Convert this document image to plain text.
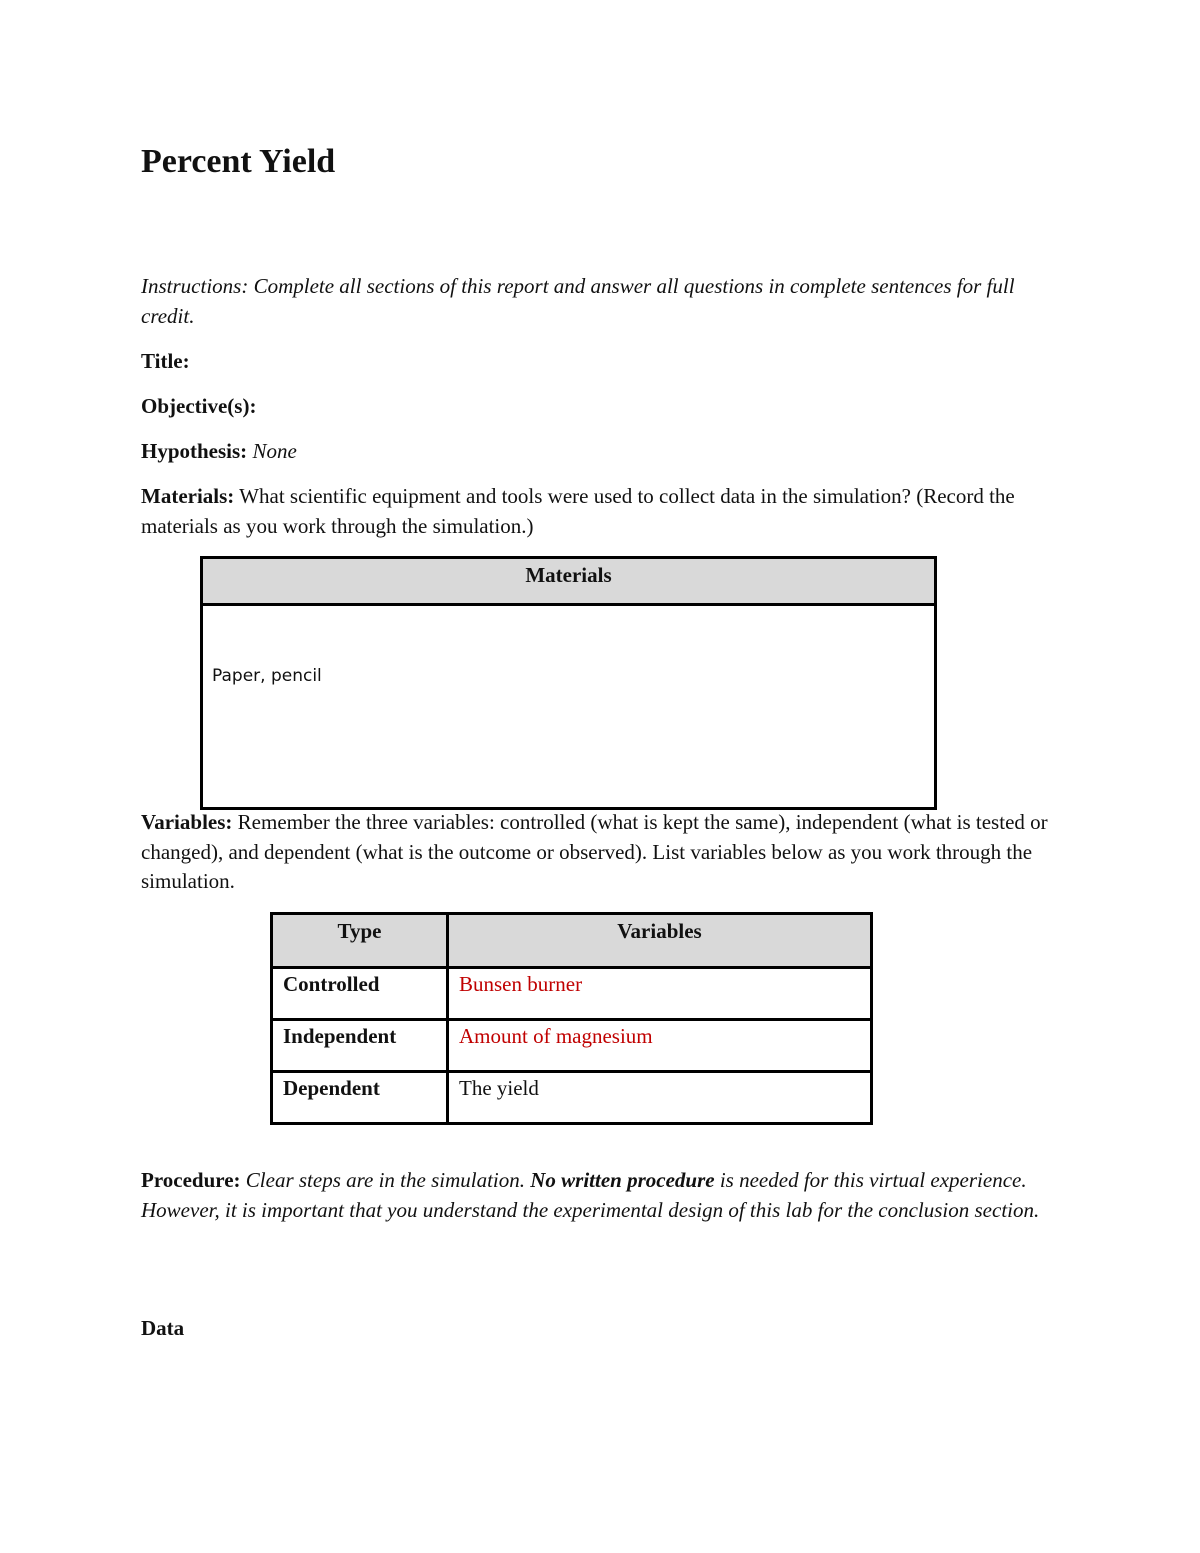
Percent Yield

Instructions: Complete all sections of this report and answer all questions in complete sentences for full credit.

Title:

Objective(s):

Hypothesis: None

Materials: What scientific equipment and tools were used to collect data in the simulation? (Record the materials as you work through the simulation.)

Materials
Paper, pencil

Variables: Remember the three variables: controlled (what is kept the same), independent (what is tested or changed), and dependent (what is the outcome or observed). List variables below as you work through the simulation.

Type	Variables
Controlled	Bunsen burner
Independent	Amount of magnesium
Dependent	The yield

Procedure: Clear steps are in the simulation. No written procedure is needed for this virtual experience. However, it is important that you understand the experimental design of this lab for the conclusion section.

Data
